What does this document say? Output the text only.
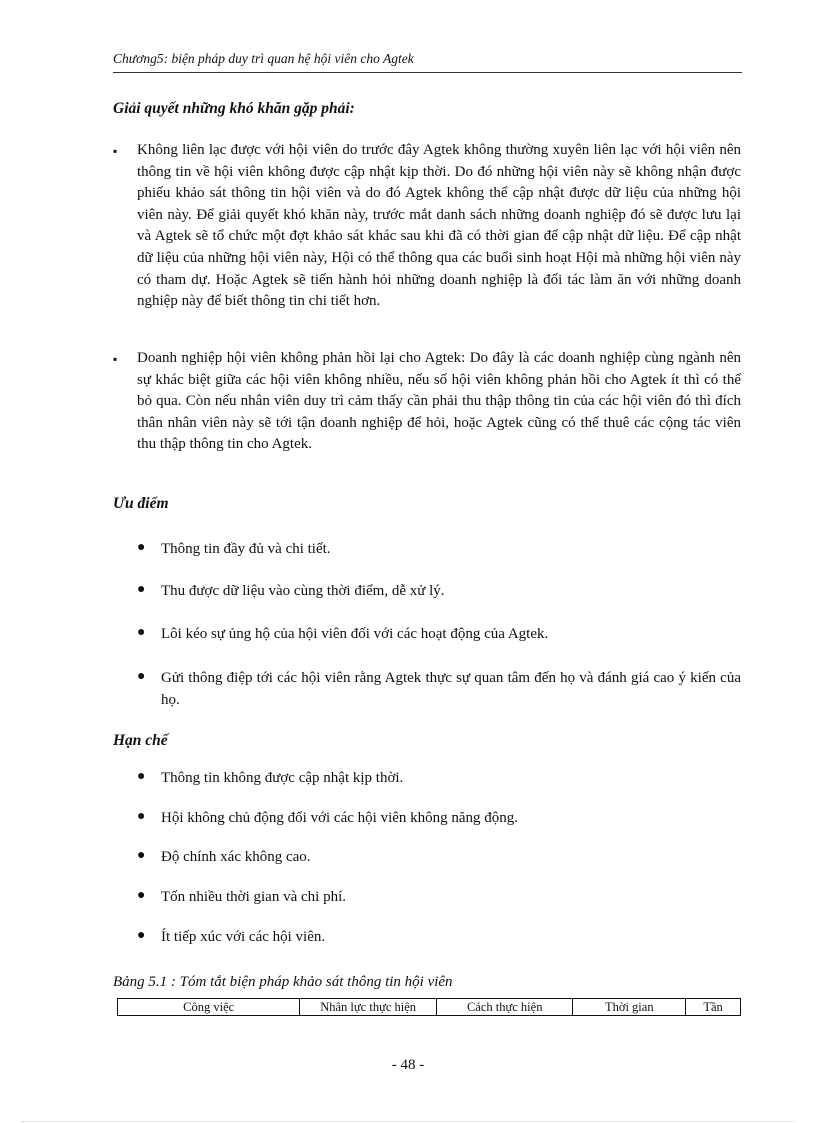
Chương5: biện pháp duy trì quan hệ hội viên cho Agtek
Giải quyết những khó khăn gặp phải:
▪ Không liên lạc được với hội viên do trước đây Agtek không thường xuyên liên lạc với hội viên nên thông tin về hội viên không được cập nhật kịp thời. Do đó những hội viên này sẽ không nhận được phiếu khảo sát thông tin hội viên và do đó Agtek không thể cập nhật được dữ liệu của những hội viên này. Để giải quyết khó khăn này, trước mắt danh sách những doanh nghiệp đó sẽ được lưu lại và Agtek sẽ tổ chức một đợt khảo sát khác sau khi đã có thời gian để cập nhật dữ liệu. Để cập nhật dữ liệu của những hội viên này, Hội có thể thông qua các buổi sinh hoạt Hội mà những hội viên này có tham dự. Hoặc Agtek sẽ tiến hành hỏi những doanh nghiệp là đối tác làm ăn với những doanh nghiệp này để biết thông tin chi tiết hơn.
▪ Doanh nghiệp hội viên không phản hồi lại cho Agtek: Do đây là các doanh nghiệp cùng ngành nên sự khác biệt giữa các hội viên không nhiều, nếu số hội viên không phản hồi cho Agtek ít thì có thể bỏ qua. Còn nếu nhân viên duy trì cảm thấy cần phải thu thập thông tin của các hội viên đó thì đích thân nhân viên này sẽ tới tận doanh nghiệp để hỏi, hoặc Agtek cũng có thể thuê các cộng tác viên thu thập thông tin cho Agtek.
Ưu điểm
● Thông tin đầy đủ và chi tiết.
● Thu được dữ liệu vào cùng thời điểm, dễ xử lý.
● Lôi kéo sự ủng hộ của hội viên đối với các hoạt động của Agtek.
● Gửi thông điệp tới các hội viên rằng Agtek thực sự quan tâm đến họ và đánh giá cao ý kiến của họ.
Hạn chế
● Thông tin không được cập nhật kịp thời.
● Hội không chủ động đối với các hội viên không năng động.
● Độ chính xác không cao.
● Tốn nhiều thời gian và chi phí.
● Ít tiếp xúc với các hội viên.
Bảng 5.1 : Tóm tắt biện pháp khảo sát thông tin hội viên
Công việc	Nhân lực thực hiện	Cách thực hiện	Thời gian	Tần
- 48 -
